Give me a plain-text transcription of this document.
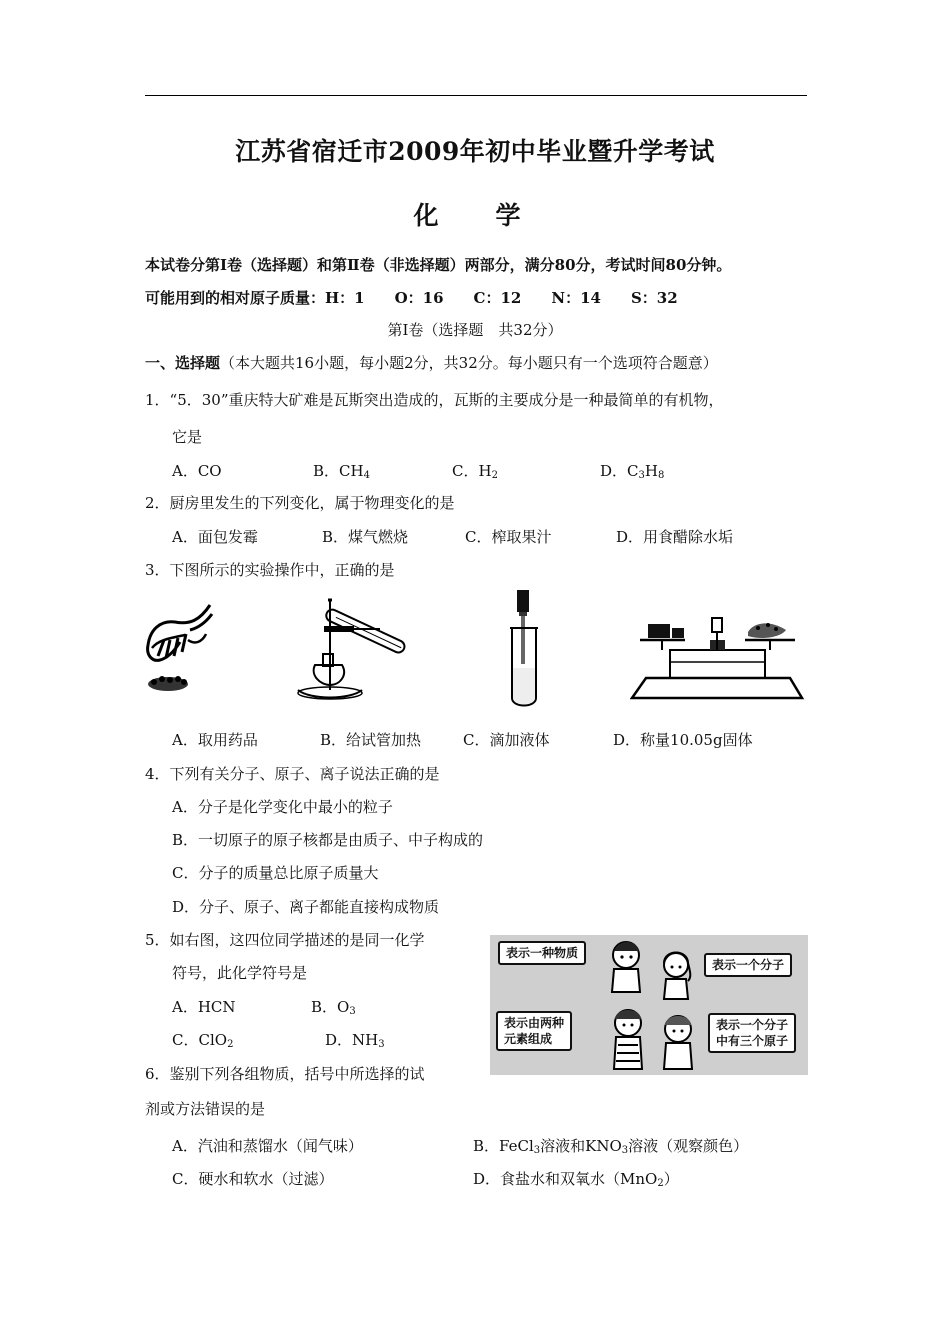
江苏省宿迁市2009年初中毕业暨升学考试
化　学
本试卷分第Ⅰ卷（选择题）和第Ⅱ卷（非选择题）两部分，满分80分，考试时间80分钟。
可能用到的相对原子质量：H：1　　O：16　　C：12　　N：14　　S：32
第Ⅰ卷（选择题　共32分）
一、选择题（本大题共16小题，每小题2分，共32分。每小题只有一个选项符合题意）
1．“5．30”重庆特大矿难是瓦斯突出造成的，瓦斯的主要成分是一种最简单的有机物，
它是
A．CO	B．$CH_4$	C．$H_2$	D．$C_3H_8$
2．厨房里发生的下列变化，属于物理变化的是
A．面包发霉	B．煤气燃烧	C．榨取果汁	D．用食醋除水垢
3．下图所示的实验操作中，正确的是
A．取用药品	B．给试管加热	C．滴加液体	D．称量10.05g固体
4．下列有关分子、原子、离子说法正确的是
A．分子是化学变化中最小的粒子
B．一切原子的原子核都是由质子、中子构成的
C．分子的质量总比原子质量大
D．分子、原子、离子都能直接构成物质
5．如右图，这四位同学描述的是同一化学
符号，此化学符号是
A．HCN	B．$O_3$
C．ClO$_2$	D．$NH_3$
表示一种物质
表示一个分子
表示由两种
元素组成
表示一个分子
中有三个原子
6．鉴别下列各组物质，括号中所选择的试
剂或方法错误的是
A．汽油和蒸馏水（闻气味）	B．FeCl$_3$溶液和$KNO_3$溶液（观察颜色）
C．硬水和软水（过滤）	D．食盐水和双氧水（MnO$_2$）
